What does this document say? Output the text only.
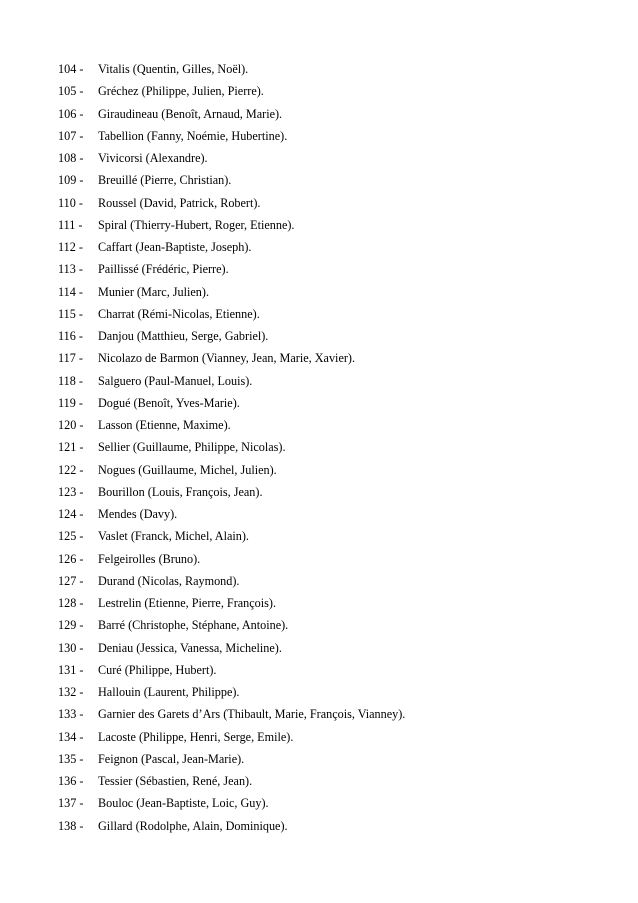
104 -	Vitalis (Quentin, Gilles, Noël).
105 -	Gréchez (Philippe, Julien, Pierre).
106 -	Giraudineau (Benoît, Arnaud, Marie).
107 -	Tabellion (Fanny, Noémie, Hubertine).
108 -	Vivicorsi (Alexandre).
109 -	Breuillé (Pierre, Christian).
110 -	Roussel (David, Patrick, Robert).
111 -	Spiral (Thierry-Hubert, Roger, Etienne).
112 -	Caffart (Jean-Baptiste, Joseph).
113 -	Paillissé (Frédéric, Pierre).
114 -	Munier (Marc, Julien).
115 -	Charrat (Rémi-Nicolas, Etienne).
116 -	Danjou (Matthieu, Serge, Gabriel).
117 -	Nicolazo de Barmon (Vianney, Jean, Marie, Xavier).
118 -	Salguero (Paul-Manuel, Louis).
119 -	Dogué (Benoît, Yves-Marie).
120 -	Lasson (Etienne, Maxime).
121 -	Sellier (Guillaume, Philippe, Nicolas).
122 -	Nogues (Guillaume, Michel, Julien).
123 -	Bourillon (Louis, François, Jean).
124 -	Mendes (Davy).
125 -	Vaslet (Franck, Michel, Alain).
126 -	Felgeirolles (Bruno).
127 -	Durand (Nicolas, Raymond).
128 -	Lestrelin (Etienne, Pierre, François).
129 -	Barré (Christophe, Stéphane, Antoine).
130 -	Deniau (Jessica, Vanessa, Micheline).
131 -	Curé (Philippe, Hubert).
132 -	Hallouin (Laurent, Philippe).
133 -	Garnier des Garets d’Ars (Thibault, Marie, François, Vianney).
134 -	Lacoste (Philippe, Henri, Serge, Emile).
135 -	Feignon (Pascal, Jean-Marie).
136 -	Tessier (Sébastien, René, Jean).
137 -	Bouloc (Jean-Baptiste, Loic, Guy).
138 -	Gillard (Rodolphe, Alain, Dominique).
